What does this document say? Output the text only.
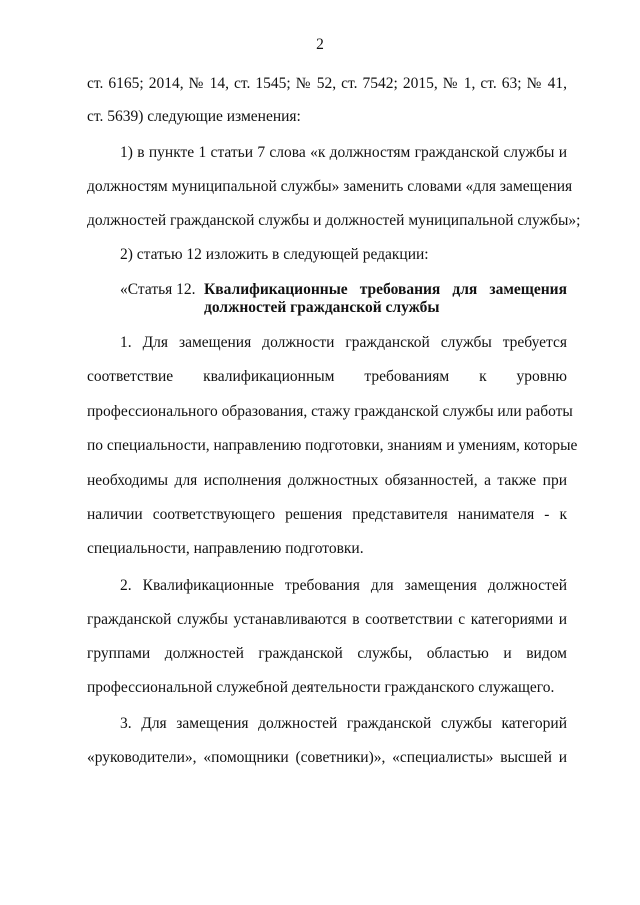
2
ст. 6165; 2014, № 14, ст. 1545; № 52, ст. 7542; 2015, № 1, ст. 63; № 41,
ст. 5639) следующие изменения:
1) в пункте 1 статьи 7 слова «к должностям гражданской службы и
должностям муниципальной службы» заменить словами «для замещения
должностей гражданской службы и должностей муниципальной службы»;
2) статью 12 изложить в следующей редакции:
«Статья 12. Квалификационные требования для замещения
должностей гражданской службы
1. Для замещения должности гражданской службы требуется
соответствие квалификационным требованиям к уровню
профессионального образования, стажу гражданской службы или работы
по специальности, направлению подготовки, знаниям и умениям, которые
необходимы для исполнения должностных обязанностей, а также при
наличии соответствующего решения представителя нанимателя - к
специальности, направлению подготовки.
2. Квалификационные требования для замещения должностей
гражданской службы устанавливаются в соответствии с категориями и
группами должностей гражданской службы, областью и видом
профессиональной служебной деятельности гражданского служащего.
3. Для замещения должностей гражданской службы категорий
«руководители», «помощники (советники)», «специалисты» высшей и
